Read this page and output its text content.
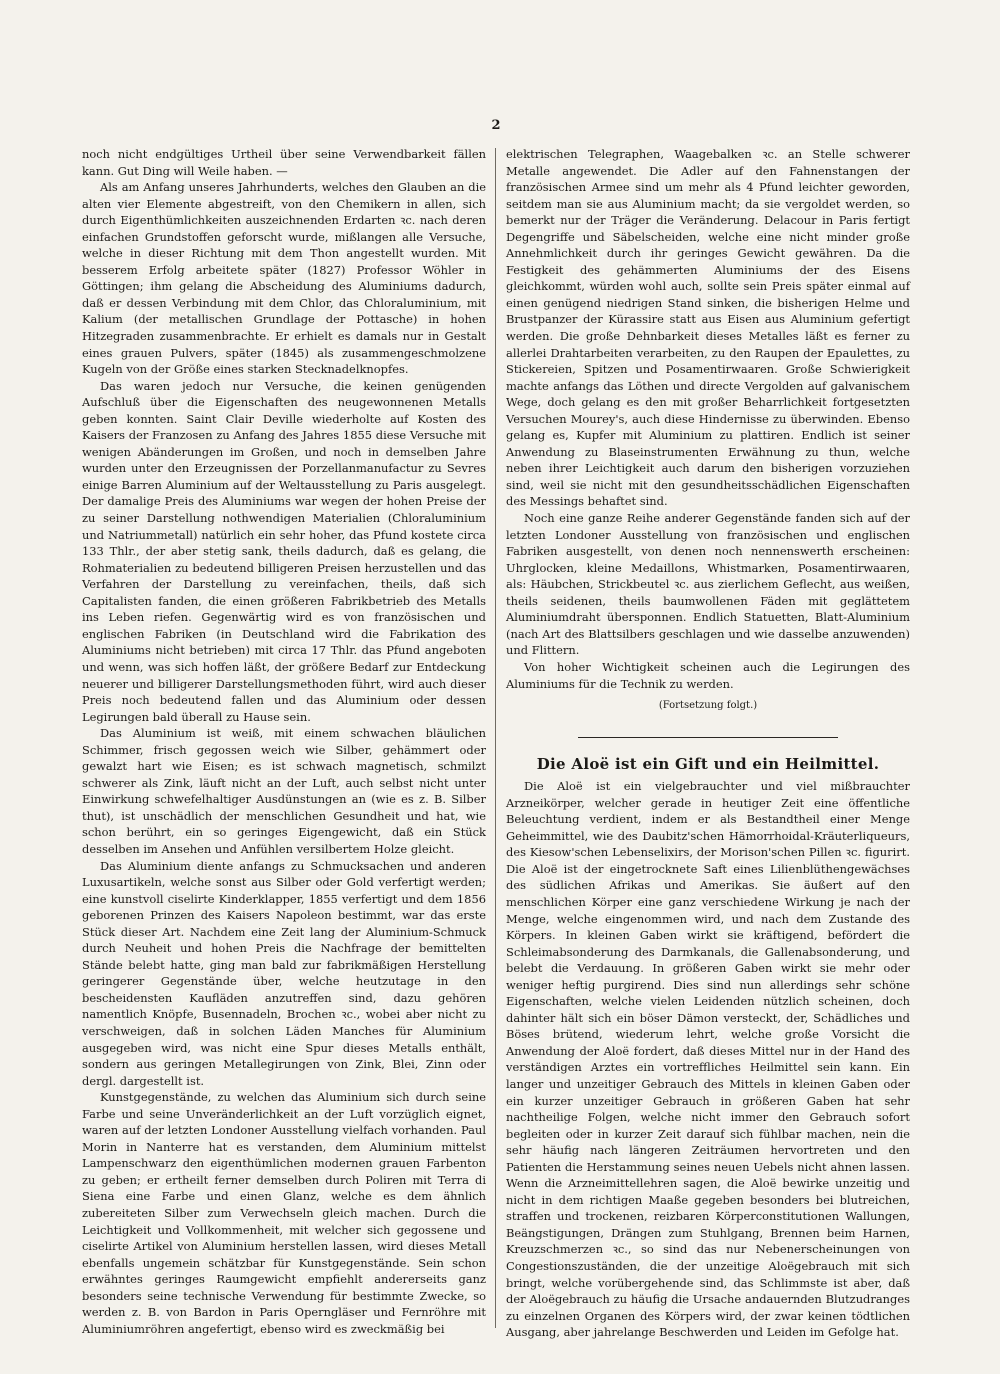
2

noch nicht endgültiges Urtheil über seine Verwendbarkeit fällen kann. Gut Ding will Weile haben. —

Als am Anfang unseres Jahrhunderts, welches den Glauben an die alten vier Elemente abgestreift, von den Chemikern in allen, sich durch Eigenthümlichkeiten auszeichnenden Erdarten ꝛc. nach deren einfachen Grundstoffen geforscht wurde, mißlangen alle Versuche, welche in dieser Richtung mit dem Thon angestellt wurden. Mit besserem Erfolg arbeitete später (1827) Professor Wöhler in Göttingen; ihm gelang die Abscheidung des Aluminiums dadurch, daß er dessen Verbindung mit dem Chlor, das Chloraluminium, mit Kalium (der metallischen Grundlage der Pottasche) in hohen Hitzegraden zusammenbrachte. Er erhielt es damals nur in Gestalt eines grauen Pulvers, später (1845) als zusammengeschmolzene Kugeln von der Größe eines starken Stecknadelknopfes.

Das waren jedoch nur Versuche, die keinen genügenden Aufschluß über die Eigenschaften des neugewonnenen Metalls geben konnten. Saint Clair Deville wiederholte auf Kosten des Kaisers der Franzosen zu Anfang des Jahres 1855 diese Versuche mit wenigen Abänderungen im Großen, und noch in demselben Jahre wurden unter den Erzeugnissen der Porzellanmanufactur zu Sevres einige Barren Aluminium auf der Weltausstellung zu Paris ausgelegt. Der damalige Preis des Aluminiums war wegen der hohen Preise der zu seiner Darstellung nothwendigen Materialien (Chloraluminium und Natriummetall) natürlich ein sehr hoher, das Pfund kostete circa 133 Thlr., der aber stetig sank, theils dadurch, daß es gelang, die Rohmaterialien zu bedeutend billigeren Preisen herzustellen und das Verfahren der Darstellung zu vereinfachen, theils, daß sich Capitalisten fanden, die einen größeren Fabrikbetrieb des Metalls ins Leben riefen. Gegenwärtig wird es von französischen und englischen Fabriken (in Deutschland wird die Fabrikation des Aluminiums nicht betrieben) mit circa 17 Thlr. das Pfund angeboten und wenn, was sich hoffen läßt, der größere Bedarf zur Entdeckung neuerer und billigerer Darstellungsmethoden führt, wird auch dieser Preis noch bedeutend fallen und das Aluminium oder dessen Legirungen bald überall zu Hause sein.

Das Aluminium ist weiß, mit einem schwachen bläulichen Schimmer, frisch gegossen weich wie Silber, gehämmert oder gewalzt hart wie Eisen; es ist schwach magnetisch, schmilzt schwerer als Zink, läuft nicht an der Luft, auch selbst nicht unter Einwirkung schwefelhaltiger Ausdünstungen an (wie es z. B. Silber thut), ist unschädlich der menschlichen Gesundheit und hat, wie schon berührt, ein so geringes Eigengewicht, daß ein Stück desselben im Ansehen und Anfühlen versilbertem Holze gleicht.

Das Aluminium diente anfangs zu Schmucksachen und anderen Luxusartikeln, welche sonst aus Silber oder Gold verfertigt werden; eine kunstvoll ciselirte Kinderklapper, 1855 verfertigt und dem 1856 geborenen Prinzen des Kaisers Napoleon bestimmt, war das erste Stück dieser Art. Nachdem eine Zeit lang der Aluminium-Schmuck durch Neuheit und hohen Preis die Nachfrage der bemittelten Stände belebt hatte, ging man bald zur fabrikmäßigen Herstellung geringerer Gegenstände über, welche heutzutage in den bescheidensten Kaufläden anzutreffen sind, dazu gehören namentlich Knöpfe, Busennadeln, Brochen ꝛc., wobei aber nicht zu verschweigen, daß in solchen Läden Manches für Aluminium ausgegeben wird, was nicht eine Spur dieses Metalls enthält, sondern aus geringen Metallegirungen von Zink, Blei, Zinn oder dergl. dargestellt ist.

Kunstgegenstände, zu welchen das Aluminium sich durch seine Farbe und seine Unveränderlichkeit an der Luft vorzüglich eignet, waren auf der letzten Londoner Ausstellung vielfach vorhanden. Paul Morin in Nanterre hat es verstanden, dem Aluminium mittelst Lampenschwarz den eigenthümlichen modernen grauen Farbenton zu geben; er ertheilt ferner demselben durch Poliren mit Terra di Siena eine Farbe und einen Glanz, welche es dem ähnlich zubereiteten Silber zum Verwechseln gleich machen. Durch die Leichtigkeit und Vollkommenheit, mit welcher sich gegossene und ciselirte Artikel von Aluminium herstellen lassen, wird dieses Metall ebenfalls ungemein schätzbar für Kunstgegenstände. Sein schon erwähntes geringes Raumgewicht empfiehlt andererseits ganz besonders seine technische Verwendung für bestimmte Zwecke, so werden z. B. von Bardon in Paris Operngläser und Fernröhre mit Aluminiumröhren angefertigt, ebenso wird es zweckmäßig bei

elektrischen Telegraphen, Waagebalken ꝛc. an Stelle schwerer Metalle angewendet. Die Adler auf den Fahnenstangen der französischen Armee sind um mehr als 4 Pfund leichter geworden, seitdem man sie aus Aluminium macht; da sie vergoldet werden, so bemerkt nur der Träger die Veränderung. Delacour in Paris fertigt Degengriffe und Säbelscheiden, welche eine nicht minder große Annehmlichkeit durch ihr geringes Gewicht gewähren. Da die Festigkeit des gehämmerten Aluminiums der des Eisens gleichkommt, würden wohl auch, sollte sein Preis später einmal auf einen genügend niedrigen Stand sinken, die bisherigen Helme und Brustpanzer der Kürassire statt aus Eisen aus Aluminium gefertigt werden. Die große Dehnbarkeit dieses Metalles läßt es ferner zu allerlei Drahtarbeiten verarbeiten, zu den Raupen der Epaulettes, zu Stickereien, Spitzen und Posamentirwaaren. Große Schwierigkeit machte anfangs das Löthen und directe Vergolden auf galvanischem Wege, doch gelang es den mit großer Beharrlichkeit fortgesetzten Versuchen Mourey's, auch diese Hindernisse zu überwinden. Ebenso gelang es, Kupfer mit Aluminium zu plattiren. Endlich ist seiner Anwendung zu Blaseinstrumenten Erwähnung zu thun, welche neben ihrer Leichtigkeit auch darum den bisherigen vorzuziehen sind, weil sie nicht mit den gesundheitsschädlichen Eigenschaften des Messings behaftet sind.

Noch eine ganze Reihe anderer Gegenstände fanden sich auf der letzten Londoner Ausstellung von französischen und englischen Fabriken ausgestellt, von denen noch nennenswerth erscheinen: Uhrglocken, kleine Medaillons, Whistmarken, Posamentirwaaren, als: Häubchen, Strickbeutel ꝛc. aus zierlichem Geflecht, aus weißen, theils seidenen, theils baumwollenen Fäden mit geglättetem Aluminiumdraht übersponnen. Endlich Statuetten, Blatt-Aluminium (nach Art des Blattsilbers geschlagen und wie dasselbe anzuwenden) und Flittern.

Von hoher Wichtigkeit scheinen auch die Legirungen des Aluminiums für die Technik zu werden.

(Fortsetzung folgt.)

Die Aloë ist ein Gift und ein Heilmittel.

Die Aloë ist ein vielgebrauchter und viel mißbrauchter Arzneikörper, welcher gerade in heutiger Zeit eine öffentliche Beleuchtung verdient, indem er als Bestandtheil einer Menge Geheimmittel, wie des Daubitz'schen Hämorrhoidal-Kräuterliqueurs, des Kiesow'schen Lebenselixirs, der Morison'schen Pillen ꝛc. figurirt. Die Aloë ist der eingetrocknete Saft eines Lilienblüthengewächses des südlichen Afrikas und Amerikas. Sie äußert auf den menschlichen Körper eine ganz verschiedene Wirkung je nach der Menge, welche eingenommen wird, und nach dem Zustande des Körpers. In kleinen Gaben wirkt sie kräftigend, befördert die Schleimabsonderung des Darmkanals, die Gallenabsonderung, und belebt die Verdauung. In größeren Gaben wirkt sie mehr oder weniger heftig purgirend. Dies sind nun allerdings sehr schöne Eigenschaften, welche vielen Leidenden nützlich scheinen, doch dahinter hält sich ein böser Dämon versteckt, der, Schädliches und Böses brütend, wiederum lehrt, welche große Vorsicht die Anwendung der Aloë fordert, daß dieses Mittel nur in der Hand des verständigen Arztes ein vortreffliches Heilmittel sein kann. Ein langer und unzeitiger Gebrauch des Mittels in kleinen Gaben oder ein kurzer unzeitiger Gebrauch in größeren Gaben hat sehr nachtheilige Folgen, welche nicht immer den Gebrauch sofort begleiten oder in kurzer Zeit darauf sich fühlbar machen, nein die sehr häufig nach längeren Zeiträumen hervortreten und den Patienten die Herstammung seines neuen Uebels nicht ahnen lassen. Wenn die Arzneimittellehren sagen, die Aloë bewirke unzeitig und nicht in dem richtigen Maaße gegeben besonders bei blutreichen, straffen und trockenen, reizbaren Körperconstitutionen Wallungen, Beängstigungen, Drängen zum Stuhlgang, Brennen beim Harnen, Kreuzschmerzen ꝛc., so sind das nur Nebenerscheinungen von Congestionszuständen, die der unzeitige Aloëgebrauch mit sich bringt, welche vorübergehende sind, das Schlimmste ist aber, daß der Aloëgebrauch zu häufig die Ursache andauernden Blutzudranges zu einzelnen Organen des Körpers wird, der zwar keinen tödtlichen Ausgang, aber jahrelange Beschwerden und Leiden im Gefolge hat.
